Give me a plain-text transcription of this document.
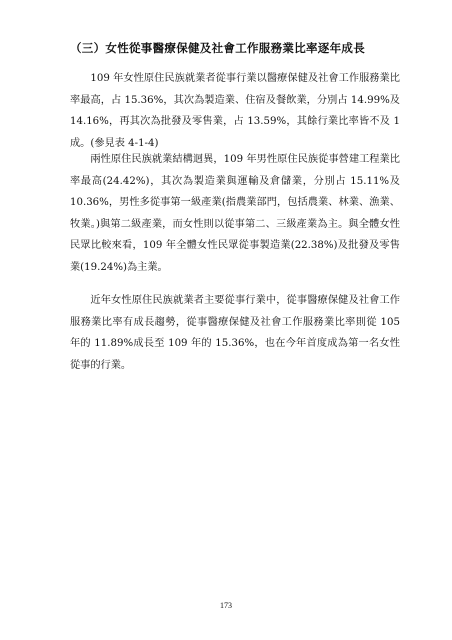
（三）女性從事醫療保健及社會工作服務業比率逐年成長

109 年女性原住民族就業者從事行業以醫療保健及社會工作服務業比率最高，占 15.36%，其次為製造業、住宿及餐飲業，分別占 14.99%及 14.16%，再其次為批發及零售業，占 13.59%，其餘行業比率皆不及 1 成。(參見表 4-1-4)

兩性原住民族就業結構迥異，109 年男性原住民族從事營建工程業比率最高(24.42%)，其次為製造業與運輸及倉儲業，分別占 15.11%及 10.36%，男性多從事第一級產業(指農業部門，包括農業、林業、漁業、牧業。)與第二級產業，而女性則以從事第二、三級產業為主。與全體女性民眾比較來看，109 年全體女性民眾從事製造業(22.38%)及批發及零售業(19.24%)為主業。

近年女性原住民族就業者主要從事行業中，從事醫療保健及社會工作服務業比率有成長趨勢，從事醫療保健及社會工作服務業比率則從 105 年的 11.89%成長至 109 年的 15.36%，也在今年首度成為第一名女性從事的行業。

173
